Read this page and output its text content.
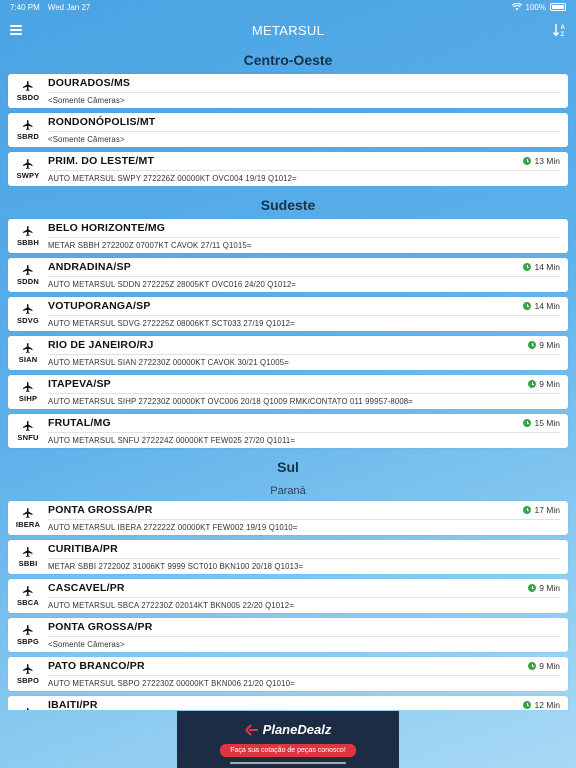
7:40 PM Wed Jan 27	100%
METARSUL	A
Z
Centro-Oeste
SBDO
DOURADOS/MS
<Somente Câmeras>
SBRD
RONDONÓPOLIS/MT
<Somente Câmeras>
SWPY
PRIM. DO LESTE/MT	13 Min
AUTO METARSUL SWPY 272226Z 00000KT OVC004 19/19 Q1012=
Sudeste
SBBH
BELO HORIZONTE/MG
METAR SBBH 272200Z 07007KT CAVOK 27/11 Q1015=
SDDN
ANDRADINA/SP	14 Min
AUTO METARSUL SDDN 272225Z 28005KT OVC016 24/20 Q1012=
SDVG
VOTUPORANGA/SP	14 Min
AUTO METARSUL SDVG 272225Z 08006KT SCT033 27/19 Q1012=
SIAN
RIO DE JANEIRO/RJ	9 Min
AUTO METARSUL SIAN 272230Z 00000KT CAVOK 30/21 Q1005=
SIHP
ITAPEVA/SP	9 Min
AUTO METARSUL SIHP 272230Z 00000KT OVC006 20/18 Q1009 RMK/CONTATO 011 99957-8008=
SNFU
FRUTAL/MG	15 Min
AUTO METARSUL SNFU 272224Z 00000KT FEW025 27/20 Q1011=
Sul
Paraná
IBERA
PONTA GROSSA/PR	17 Min
AUTO METARSUL IBERA 272222Z 00000KT FEW002 19/19 Q1010=
SBBI
CURITIBA/PR
METAR SBBI 272200Z 31006KT 9999 SCT010 BKN100 20/18 Q1013=
SBCA
CASCAVEL/PR	9 Min
AUTO METARSUL SBCA 272230Z 02014KT BKN005 22/20 Q1012=
SBPG
PONTA GROSSA/PR
<Somente Câmeras>
SBPO
PATO BRANCO/PR	9 Min
AUTO METARSUL SBPO 272230Z 00000KT BKN006 21/20 Q1010=
IBAITI/PR	12 Min
PlaneDealz
Faça sua cotação de peças conosco!
